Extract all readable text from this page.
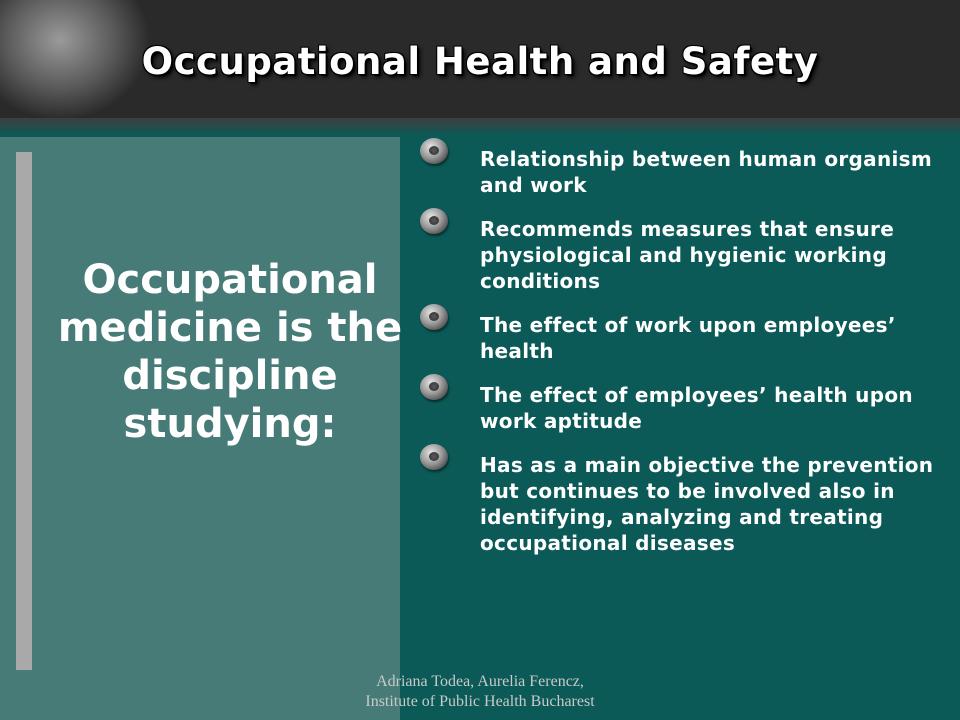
Occupational Health and Safety
Occupational medicine is the discipline studying:
Relationship between human organism and work
Recommends measures that ensure physiological and hygienic working conditions
The effect of work upon employees’ health
The effect of employees’ health upon work aptitude
Has as a main objective the prevention but continues to be involved also in identifying, analyzing and treating occupational diseases
Adriana Todea, Aurelia Ferencz,
Institute of Public Health Bucharest
